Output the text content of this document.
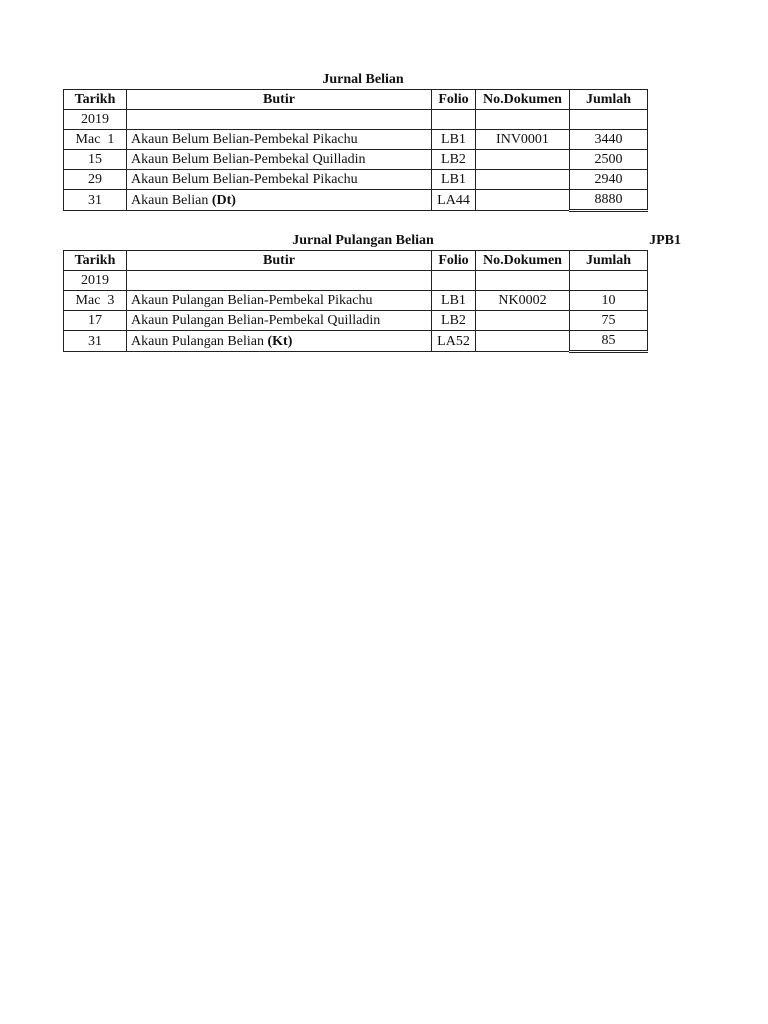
Jurnal Belian
Tarikh	Butir	Folio	No.Dokumen	Jumlah
2019				
Mac  1	Akaun Belum Belian-Pembekal Pikachu	LB1	INV0001	3440
15	Akaun Belum Belian-Pembekal Quilladin	LB2		2500
29	Akaun Belum Belian-Pembekal Pikachu	LB1		2940
31	Akaun Belian (Dt)	LA44		8880
Jurnal Pulangan Belian	JPB1
Tarikh	Butir	Folio	No.Dokumen	Jumlah
2019				
Mac  3	Akaun Pulangan Belian-Pembekal Pikachu	LB1	NK0002	10
17	Akaun Pulangan Belian-Pembekal Quilladin	LB2		75
31	Akaun Pulangan Belian (Kt)	LA52		85
